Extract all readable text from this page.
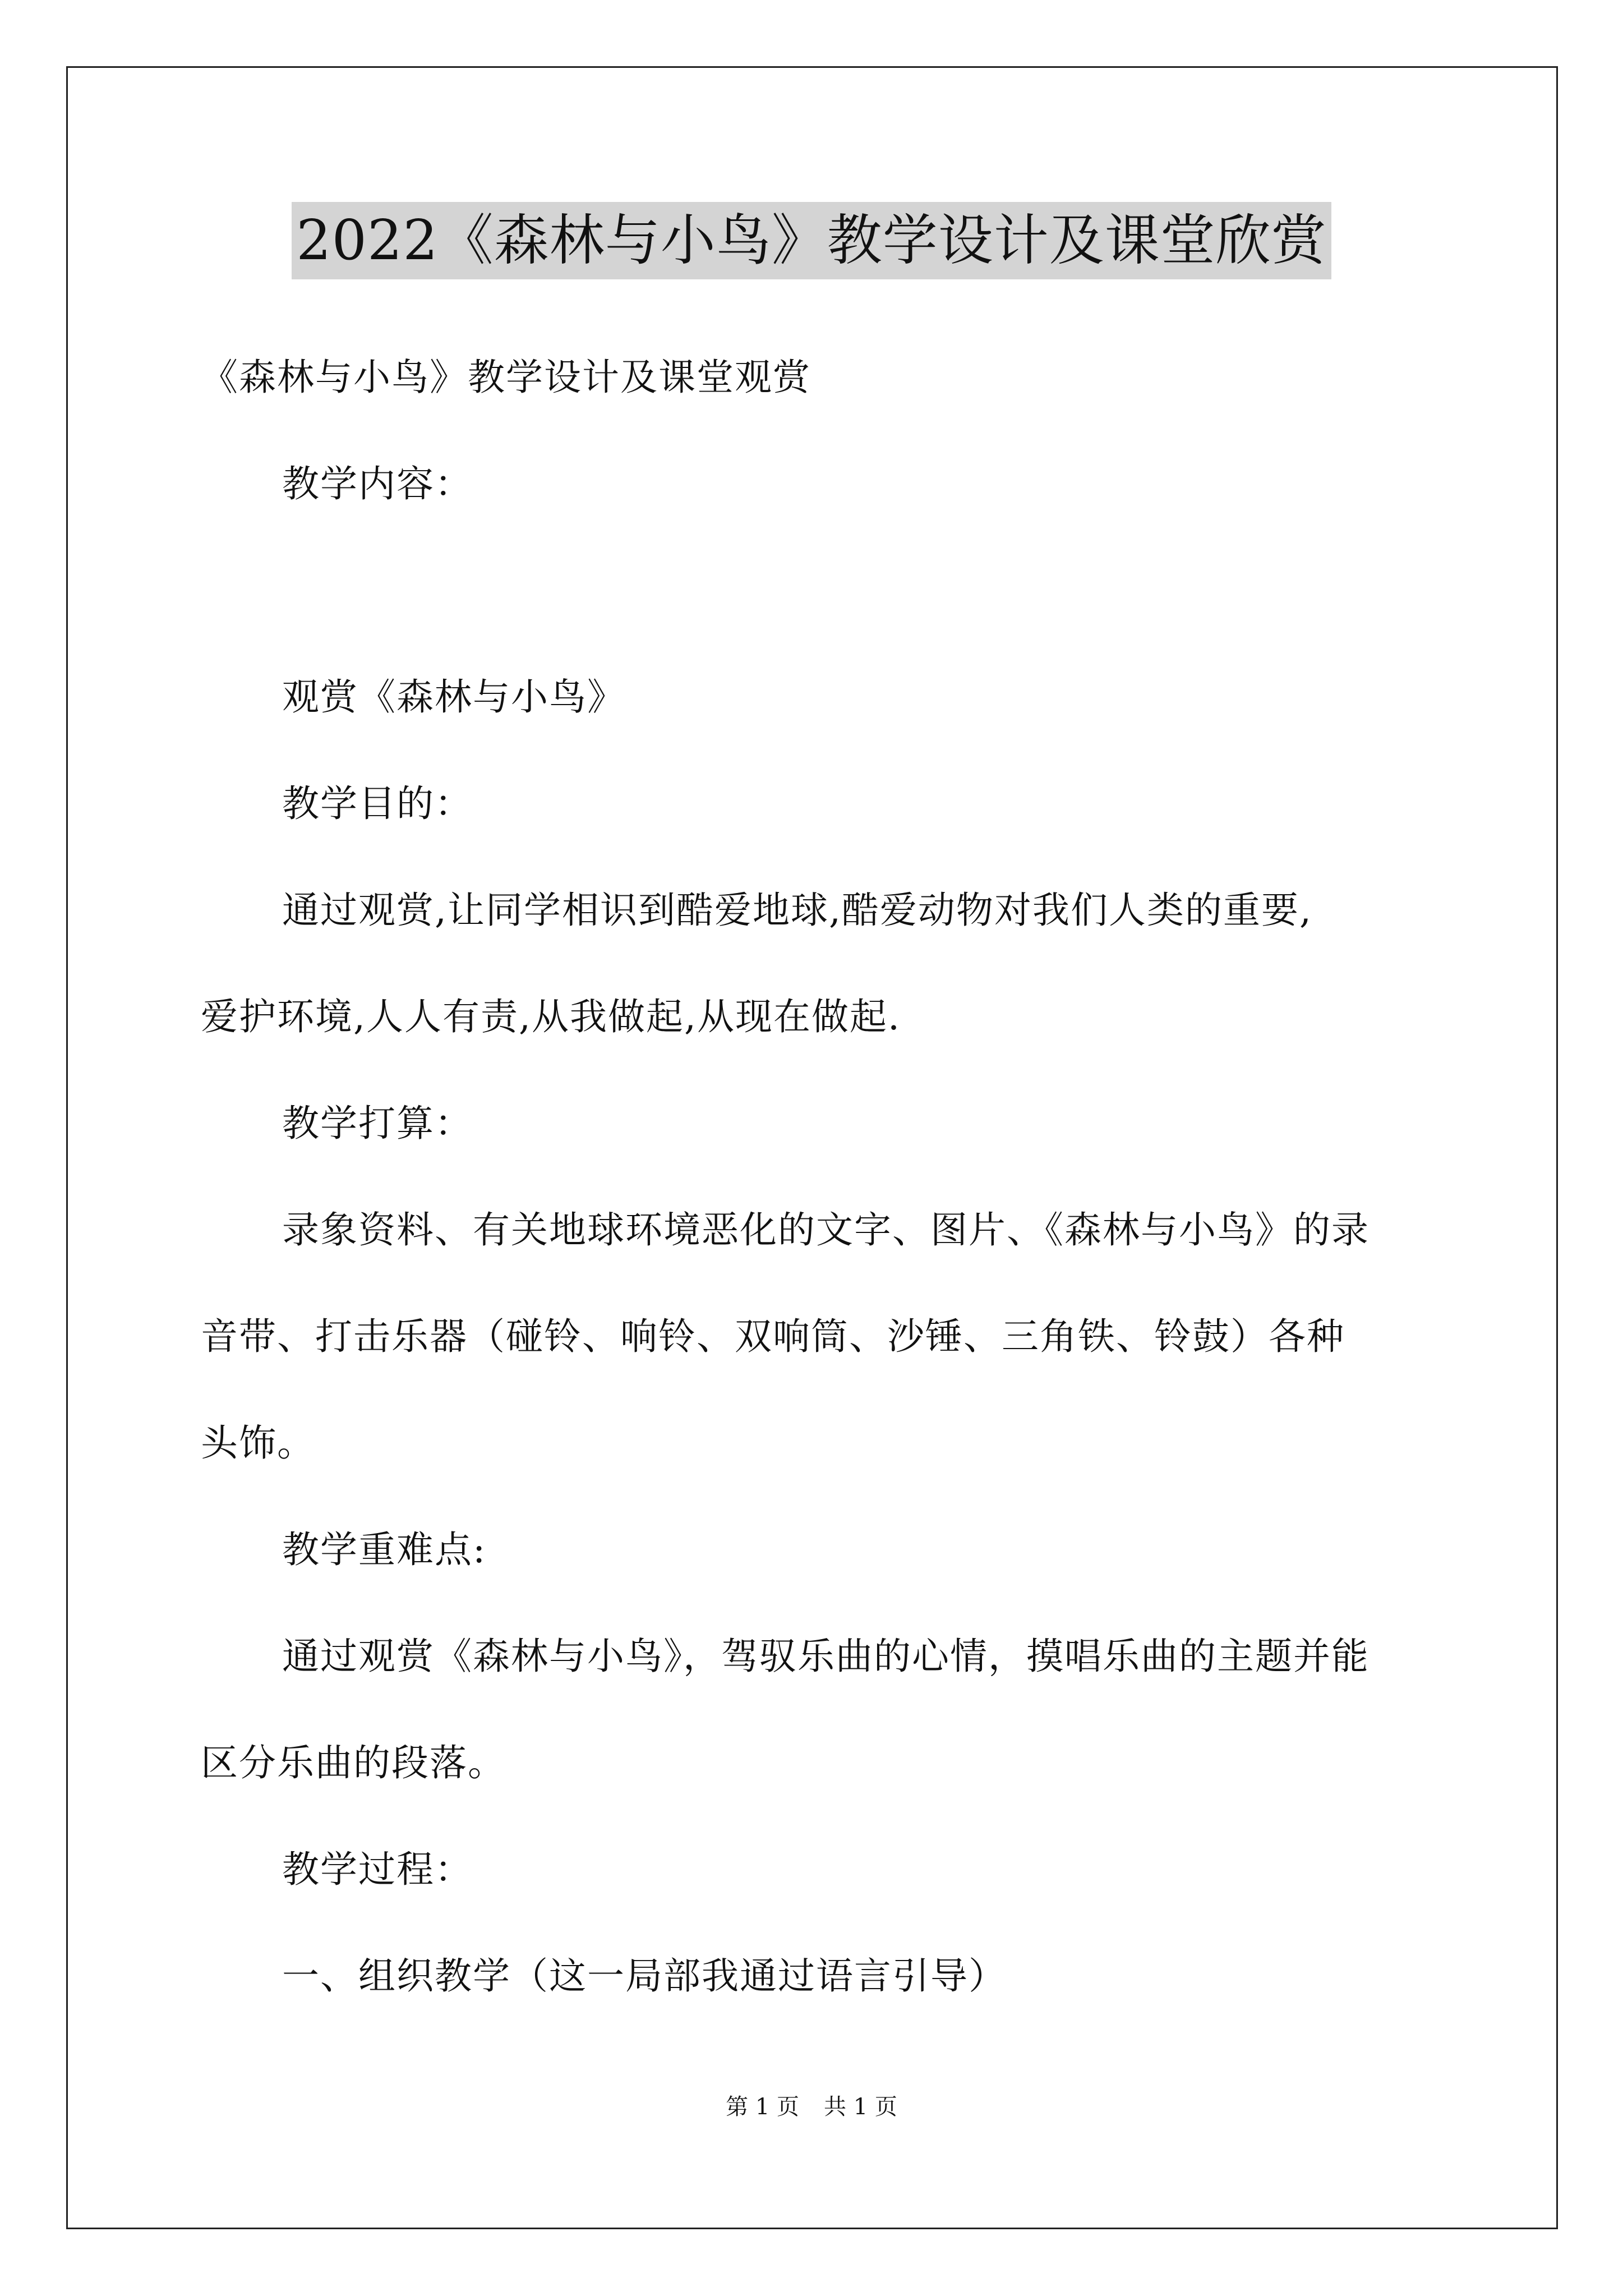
2022《森林与小鸟》教学设计及课堂欣赏
《森林与小鸟》教学设计及课堂观赏
教学内容：
观赏《森林与小鸟》
教学目的：
通过观赏,让同学相识到酷爱地球,酷爱动物对我们人类的重要,
爱护环境,人人有责,从我做起,从现在做起.
教学打算：
录象资料、有关地球环境恶化的文字、图片、《森林与小鸟》的录
音带、打击乐器（碰铃、响铃、双响筒、沙锤、三角铁、铃鼓）各种
头饰。
教学重难点:
通过观赏《森林与小鸟》，驾驭乐曲的心情，摸唱乐曲的主题并能
区分乐曲的段落。
教学过程：
一、组织教学（这一局部我通过语言引导）
第 1 页 共 1 页
